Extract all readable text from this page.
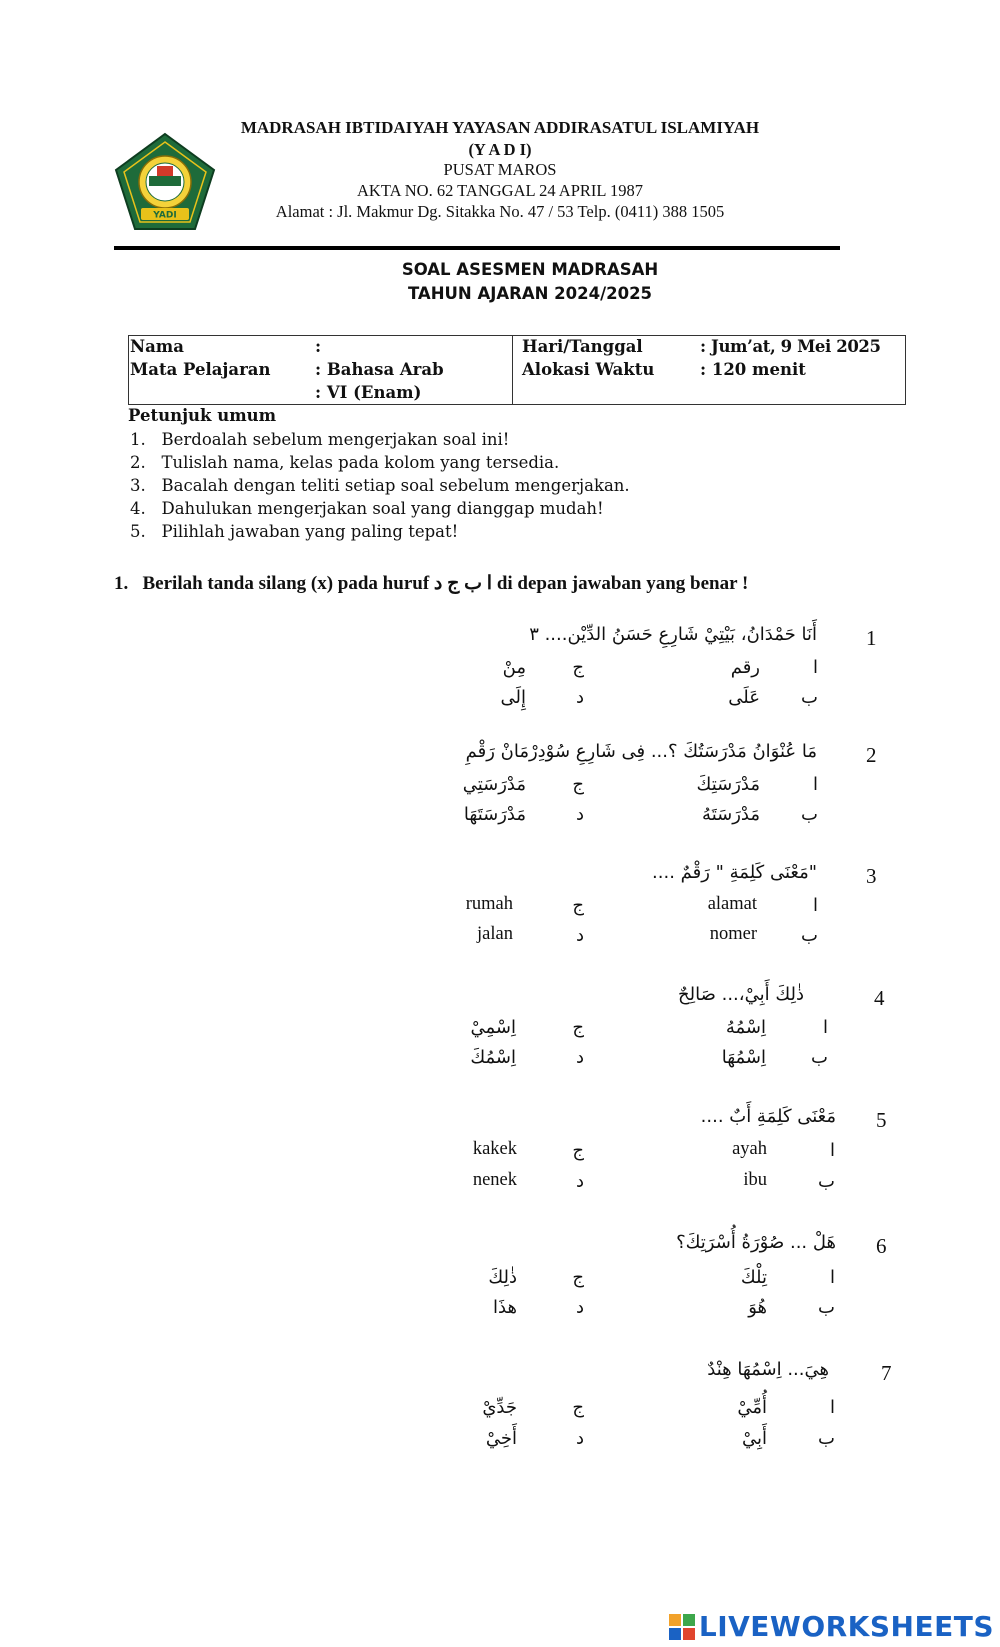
YADI
MADRASAH IBTIDAIYAH YAYASAN ADDIRASATUL ISLAMIYAH
(Y A D I)
PUSAT MAROS
AKTA NO. 62 TANGGAL 24 APRIL 1987
Alamat : Jl. Makmur Dg. Sitakka No. 47 / 53 Telp. (0411) 388 1505
SOAL ASESMEN MADRASAH
TAHUN AJARAN 2024/2025
Nama	:
Mata Pelajaran	: Bahasa Arab
: VI (Enam)
Hari/Tanggal	: Jum’at, 9 Mei 2025
Alokasi Waktu	: 120 menit
Petunjuk umum
1.   Berdoalah sebelum mengerjakan soal ini!
2.   Tulislah nama, kelas pada kolom yang tersedia.
3.   Bacalah dengan teliti setiap soal sebelum mengerjakan.
4.   Dahulukan mengerjakan soal yang dianggap mudah!
5.   Pilihlah jawaban yang paling tepat!
1. Berilah tanda silang (x) pada huruf ا ب ج د di depan jawaban yang benar !
1
أَنَا حَمْدَانُ، بَيْتِيْ شَارِعِ حَسَنُ الدِّيْن.... ٣
ا
رقم
ج
مِنْ
ب
عَلَى
د
إِلَى
2
مَا عُنْوَانُ مَدْرَسَتُكَ ؟... فِى شَارِعِ سُوْدِرْمَانْ رَقْمِ
ا
مَدْرَسَتِكَ
ج
مَدْرَسَتِي
ب
مَدْرَسَتَهُ
د
مَدْرَسَتَهَا
3
"مَعْنَى كَلِمَةِ " رَقْمٌ ....
ا
alamat
ج
rumah
ب
nomer
د
jalan
4
ذٰلِكَ أَبِيْ،... صَالِحٌ
ا
اِسْمُهُ
ج
اِسْمِيْ
ب
اِسْمُهَا
د
اِسْمُكَ
5
مَعْنَى كَلِمَةِ أَبٌ ....
ا
ayah
ج
kakek
ب
ibu
د
nenek
6
هَلْ ... صُوْرَةُ أُسْرَتِكَ؟
ا
تِلْكَ
ج
ذٰلِكَ
ب
هُوَ
د
هذَا
7
هِيَ... اِسْمُهَا هِنْدٌ
ا
أُمِّيْ
ج
جَدِّيْ
ب
أَبِيْ
د
أَخِيْ
LIVEWORKSHEETS
